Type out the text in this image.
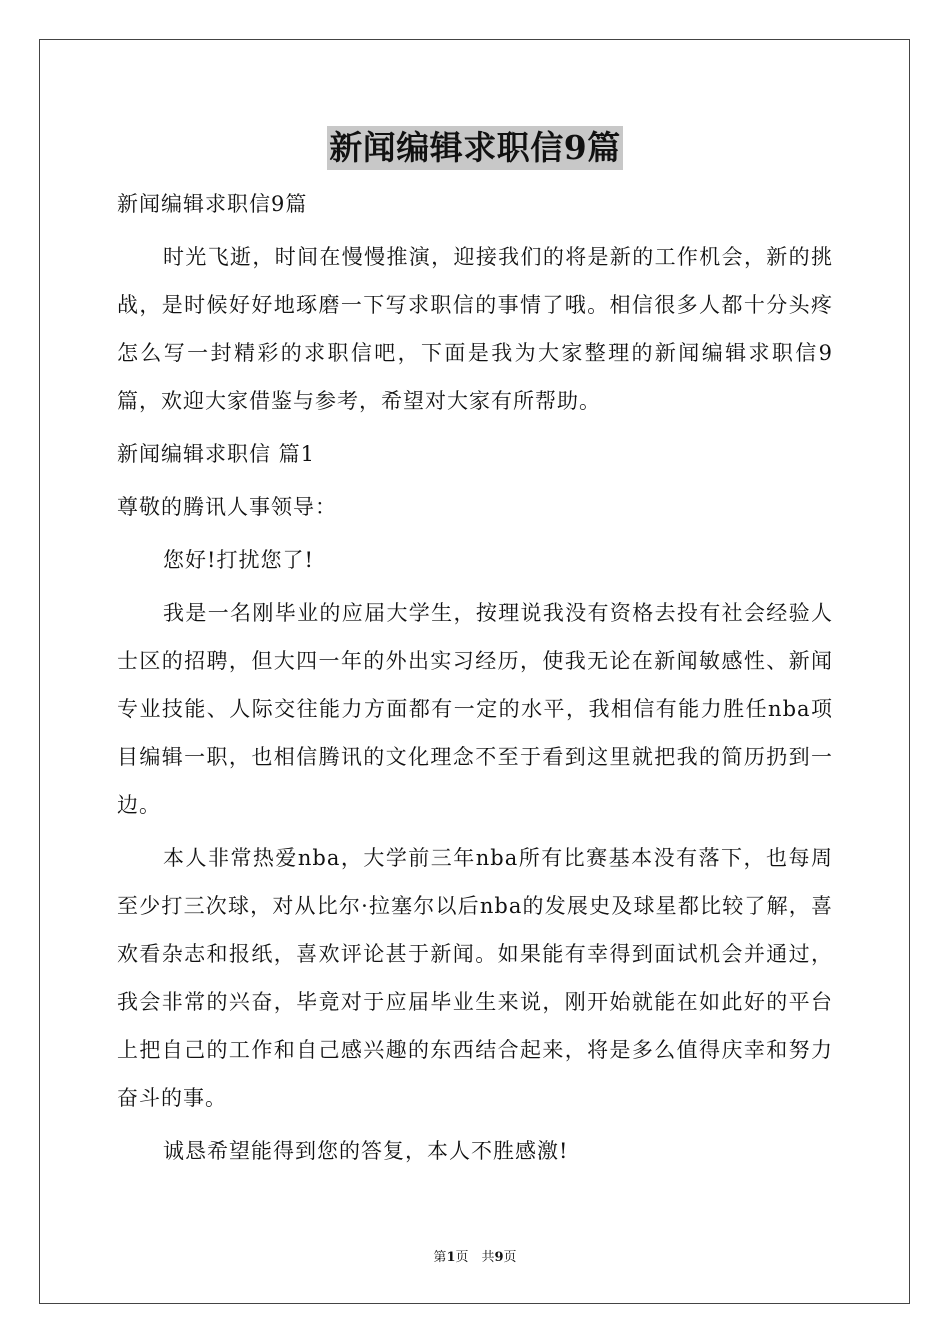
新闻编辑求职信9篇

新闻编辑求职信9篇

时光飞逝，时间在慢慢推演，迎接我们的将是新的工作机会，新的挑战，是时候好好地琢磨一下写求职信的事情了哦。相信很多人都十分头疼怎么写一封精彩的求职信吧，下面是我为大家整理的新闻编辑求职信9篇，欢迎大家借鉴与参考，希望对大家有所帮助。

新闻编辑求职信 篇1

尊敬的腾讯人事领导：

您好!打扰您了!

我是一名刚毕业的应届大学生，按理说我没有资格去投有社会经验人士区的招聘，但大四一年的外出实习经历，使我无论在新闻敏感性、新闻专业技能、人际交往能力方面都有一定的水平，我相信有能力胜任nba项目编辑一职，也相信腾讯的文化理念不至于看到这里就把我的简历扔到一边。

本人非常热爱nba，大学前三年nba所有比赛基本没有落下，也每周至少打三次球，对从比尔·拉塞尔以后nba的发展史及球星都比较了解，喜欢看杂志和报纸，喜欢评论甚于新闻。如果能有幸得到面试机会并通过，我会非常的兴奋，毕竟对于应届毕业生来说，刚开始就能在如此好的平台上把自己的工作和自己感兴趣的东西结合起来，将是多么值得庆幸和努力奋斗的事。

诚恳希望能得到您的答复，本人不胜感激!

第1页　共9页
